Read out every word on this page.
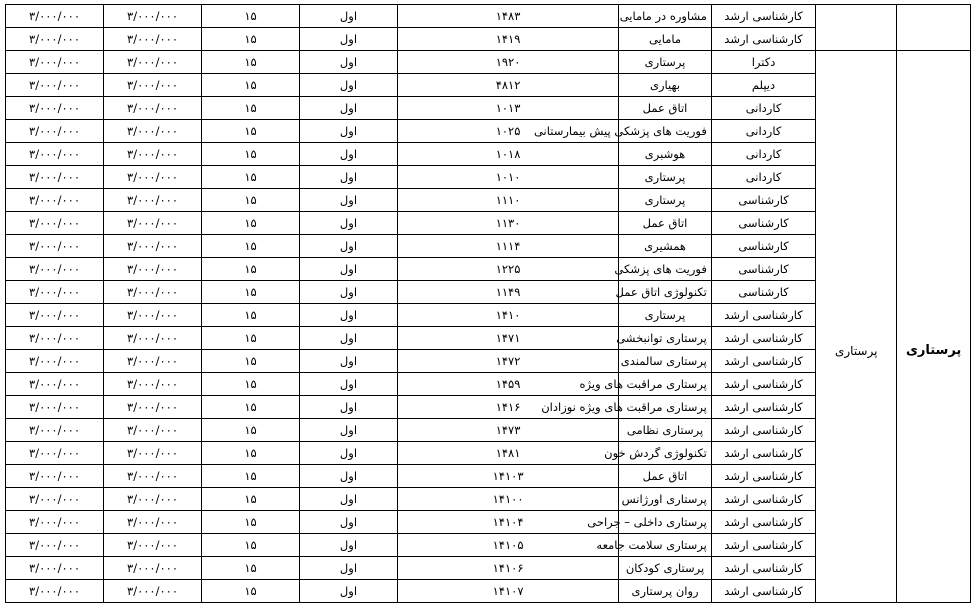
		کارشناسی ارشد	مشاوره در مامایی	۱۴۸۳	اول	۱۵	۳/۰۰۰/۰۰۰	۳/۰۰۰/۰۰۰
		کارشناسی ارشد	مامایی	۱۴۱۹	اول	۱۵	۳/۰۰۰/۰۰۰	۳/۰۰۰/۰۰۰

پرستاری	پرستاری	دکترا	پرستاری	۱۹۲۰	اول	۱۵	۳/۰۰۰/۰۰۰	۳/۰۰۰/۰۰۰
		دیپلم	بهیاری	۴۸۱۲	اول	۱۵	۳/۰۰۰/۰۰۰	۳/۰۰۰/۰۰۰
		کاردانی	اتاق عمل	۱۰۱۳	اول	۱۵	۳/۰۰۰/۰۰۰	۳/۰۰۰/۰۰۰
		کاردانی	فوریت های پزشکی پیش بیمارستانی	۱۰۲۵	اول	۱۵	۳/۰۰۰/۰۰۰	۳/۰۰۰/۰۰۰
		کاردانی	هوشبری	۱۰۱۸	اول	۱۵	۳/۰۰۰/۰۰۰	۳/۰۰۰/۰۰۰
		کاردانی	پرستاری	۱۰۱۰	اول	۱۵	۳/۰۰۰/۰۰۰	۳/۰۰۰/۰۰۰
		کارشناسی	پرستاری	۱۱۱۰	اول	۱۵	۳/۰۰۰/۰۰۰	۳/۰۰۰/۰۰۰
		کارشناسی	اتاق عمل	۱۱۳۰	اول	۱۵	۳/۰۰۰/۰۰۰	۳/۰۰۰/۰۰۰
		کارشناسی	همشیری	۱۱۱۴	اول	۱۵	۳/۰۰۰/۰۰۰	۳/۰۰۰/۰۰۰
		کارشناسی	فوریت های پزشکی	۱۲۲۵	اول	۱۵	۳/۰۰۰/۰۰۰	۳/۰۰۰/۰۰۰
		کارشناسی	تکنولوژی اتاق عمل	۱۱۴۹	اول	۱۵	۳/۰۰۰/۰۰۰	۳/۰۰۰/۰۰۰
		کارشناسی ارشد	پرستاری	۱۴۱۰	اول	۱۵	۳/۰۰۰/۰۰۰	۳/۰۰۰/۰۰۰
		کارشناسی ارشد	پرستاری توانبخشی	۱۴۷۱	اول	۱۵	۳/۰۰۰/۰۰۰	۳/۰۰۰/۰۰۰
		کارشناسی ارشد	پرستاری سالمندی	۱۴۷۲	اول	۱۵	۳/۰۰۰/۰۰۰	۳/۰۰۰/۰۰۰
		کارشناسی ارشد	پرستاری مراقبت های ویژه	۱۴۵۹	اول	۱۵	۳/۰۰۰/۰۰۰	۳/۰۰۰/۰۰۰
		کارشناسی ارشد	پرستاری مراقبت های ویژه نوزادان	۱۴۱۶	اول	۱۵	۳/۰۰۰/۰۰۰	۳/۰۰۰/۰۰۰
		کارشناسی ارشد	پرستاری نظامی	۱۴۷۳	اول	۱۵	۳/۰۰۰/۰۰۰	۳/۰۰۰/۰۰۰
		کارشناسی ارشد	تکنولوژی گردش خون	۱۴۸۱	اول	۱۵	۳/۰۰۰/۰۰۰	۳/۰۰۰/۰۰۰
		کارشناسی ارشد	اتاق عمل	۱۴۱۰۳	اول	۱۵	۳/۰۰۰/۰۰۰	۳/۰۰۰/۰۰۰
		کارشناسی ارشد	پرستاری اورژانس	۱۴۱۰۰	اول	۱۵	۳/۰۰۰/۰۰۰	۳/۰۰۰/۰۰۰
		کارشناسی ارشد	پرستاری داخلی – جراحی	۱۴۱۰۴	اول	۱۵	۳/۰۰۰/۰۰۰	۳/۰۰۰/۰۰۰
		کارشناسی ارشد	پرستاری سلامت جامعه	۱۴۱۰۵	اول	۱۵	۳/۰۰۰/۰۰۰	۳/۰۰۰/۰۰۰
		کارشناسی ارشد	پرستاری کودکان	۱۴۱۰۶	اول	۱۵	۳/۰۰۰/۰۰۰	۳/۰۰۰/۰۰۰
		کارشناسی ارشد	روان پرستاری	۱۴۱۰۷	اول	۱۵	۳/۰۰۰/۰۰۰	۳/۰۰۰/۰۰۰
